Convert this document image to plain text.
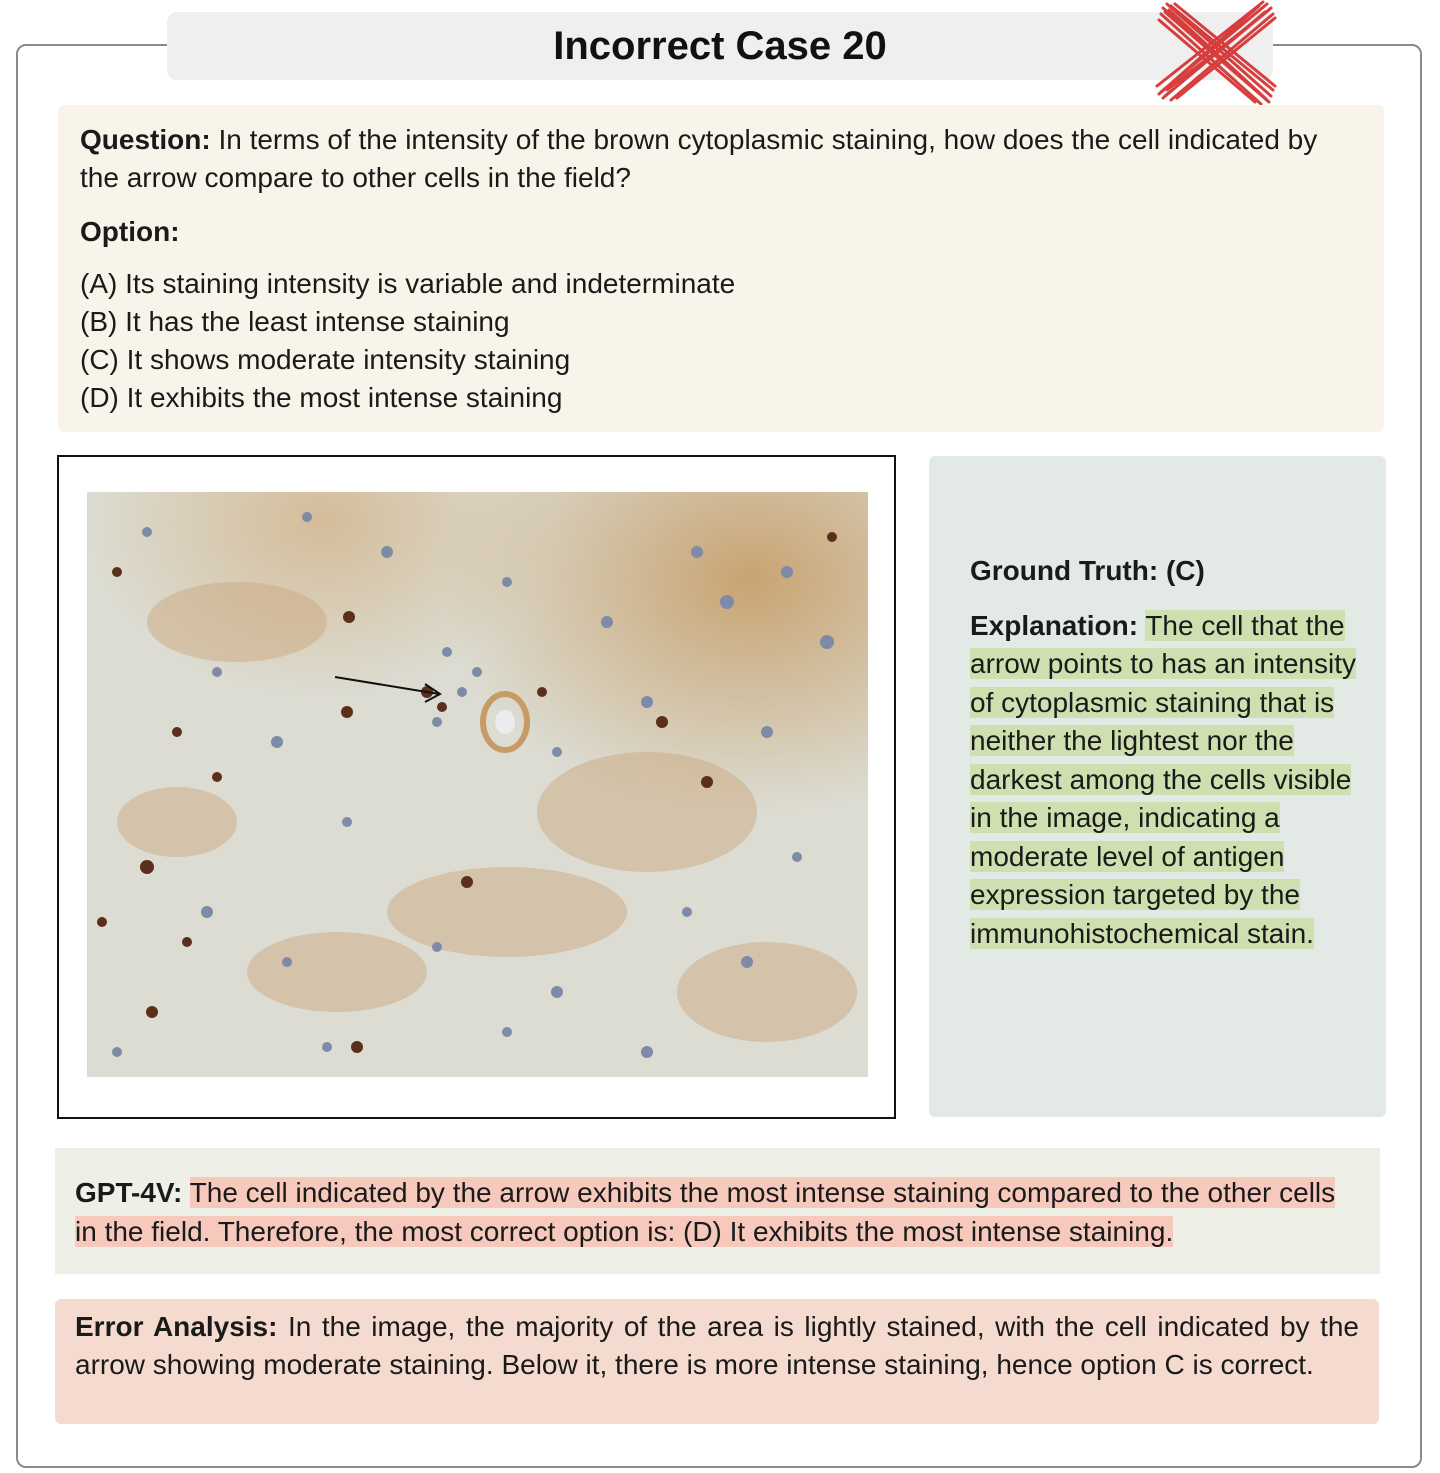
Incorrect Case 20

Question: In terms of the intensity of the brown cytoplasmic staining, how does the cell indicated by the arrow compare to other cells in the field?

Option:
(A) Its staining intensity is variable and indeterminate
(B) It has the least intense staining
(C) It shows moderate intensity staining
(D) It exhibits the most intense staining
Ground Truth: (C)
Explanation: The cell that the arrow points to has an intensity of cytoplasmic staining that is neither the lightest nor the darkest among the cells visible in the image, indicating a moderate level of antigen expression targeted by the immunohistochemical stain.
GPT-4V: The cell indicated by the arrow exhibits the most intense staining compared to the other cells in the field. Therefore, the most correct option is: (D) It exhibits the most intense staining.
Error Analysis: In the image, the majority of the area is lightly stained, with the cell indicated by the arrow showing moderate staining. Below it, there is more intense staining, hence option C is correct.
